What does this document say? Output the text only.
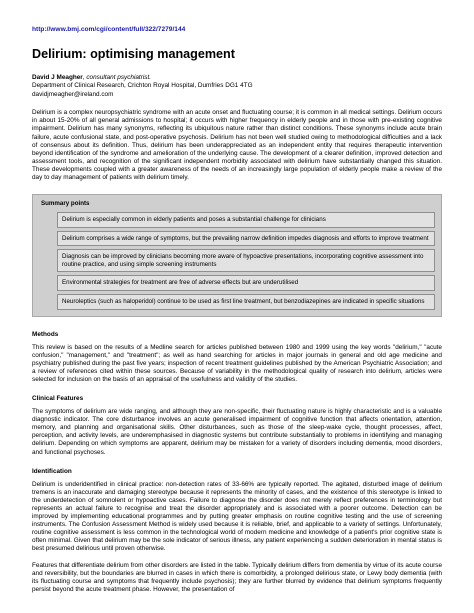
http://www.bmj.com/cgi/content/full/322/7279/144
Delirium: optimising management
David J Meagher, consultant psychiatrist.
Department of Clinical Research, Crichton Royal Hospital, Dumfries DG1 4TG
davidjmeagher@ireland.com

Delirium is a complex neuropsychiatric syndrome with an acute onset and fluctuating course; it is common in all medical settings. Delirium occurs in about 15-20% of all general admissions to hospital; it occurs with higher frequency in elderly people and in those with pre-existing cognitive impairment. Delirium has many synonyms, reflecting its ubiquitous nature rather than distinct conditions. These synonyms include acute brain failure, acute confusional state, and post-operative psychosis. Delirium has not been well studied owing to methodological difficulties and a lack of consensus about its definition. Thus, delirium has been underappreciated as an independent entity that requires therapeutic intervention beyond identification of the syndrome and amelioration of the underlying cause. The development of a clearer definition, improved detection and assessment tools, and recognition of the significant independent morbidity associated with delirium have substantially changed this situation. These developments coupled with a greater awareness of the needs of an increasingly large population of elderly people make a review of the day to day management of patients with delirium timely.

Summary points
Delirium is especially common in elderly patients and poses a substantial challenge for clinicians
Delirium comprises a wide range of symptoms, but the prevailing narrow definition impedes diagnosis and efforts to improve treatment
Diagnosis can be improved by clinicians becoming more aware of hypoactive presentations, incorporating cognitive assessment into routine practice, and using simple screening instruments
Environmental strategies for treatment are free of adverse effects but are underutilised
Neuroleptics (such as haloperidol) continue to be used as first line treatment, but benzodiazepines are indicated in specific situations
Methods

This review is based on the results of a Medline search for articles published between 1980 and 1999 using the key words "delirium," "acute confusion," "management," and "treatment"; as well as hand searching for articles in major journals in general and old age medicine and psychiatry published during the past five years; inspection of recent treatment guidelines published by the American Psychiatric Association; and a review of references cited within these sources. Because of variability in the methodological quality of research into delirium, articles were selected for inclusion on the basis of an appraisal of the usefulness and validity of the studies.

Clinical Features

The symptoms of delirium are wide ranging, and although they are non-specific, their fluctuating nature is highly characteristic and is a valuable diagnostic indicator. The core disturbance involves an acute generalised impairment of cognitive function that affects orientation, attention, memory, and planning and organisational skills. Other disturbances, such as those of the sleep-wake cycle, thought processes, affect, perception, and activity levels, are underemphasised in diagnostic systems but contribute substantially to problems in identifying and managing delirium. Depending on which symptoms are apparent, delirium may be mistaken for a variety of disorders including dementia, mood disorders, and functional psychoses.

Identification

Delirium is underidentified in clinical practice: non-detection rates of 33-66% are typically reported. The agitated, disturbed image of delirium tremens is an inaccurate and damaging stereotype because it represents the minority of cases, and the existence of this stereotype is linked to the underdetection of somnolent or hypoactive cases. Failure to diagnose the disorder does not merely reflect preferences in terminology but represents an actual failure to recognise and treat the disorder appropriately and is associated with a poorer outcome. Detection can be improved by implementing educational programmes and by putting greater emphasis on routine cognitive testing and the use of screening instruments. The Confusion Assessment Method is widely used because it is reliable, brief, and applicable to a variety of settings. Unfortunately, routine cognitive assessment is less common in the technological world of modern medicine and knowledge of a patient's prior cognitive state is often minimal. Given that delirium may be the sole indicator of serious illness, any patient experiencing a sudden deterioration in mental status is best presumed delirious until proven otherwise.

Features that differentiate delirium from other disorders are listed in the table. Typically delirium differs from dementia by virtue of its acute course and reversibility, but the boundaries are blurred in cases in which there is comorbidity, a prolonged delirious state, or Lewy body dementia (with its fluctuating course and symptoms that frequently include psychosis); they are further blurred by evidence that delirium symptoms frequently persist beyond the acute treatment phase. However, the presentation of
